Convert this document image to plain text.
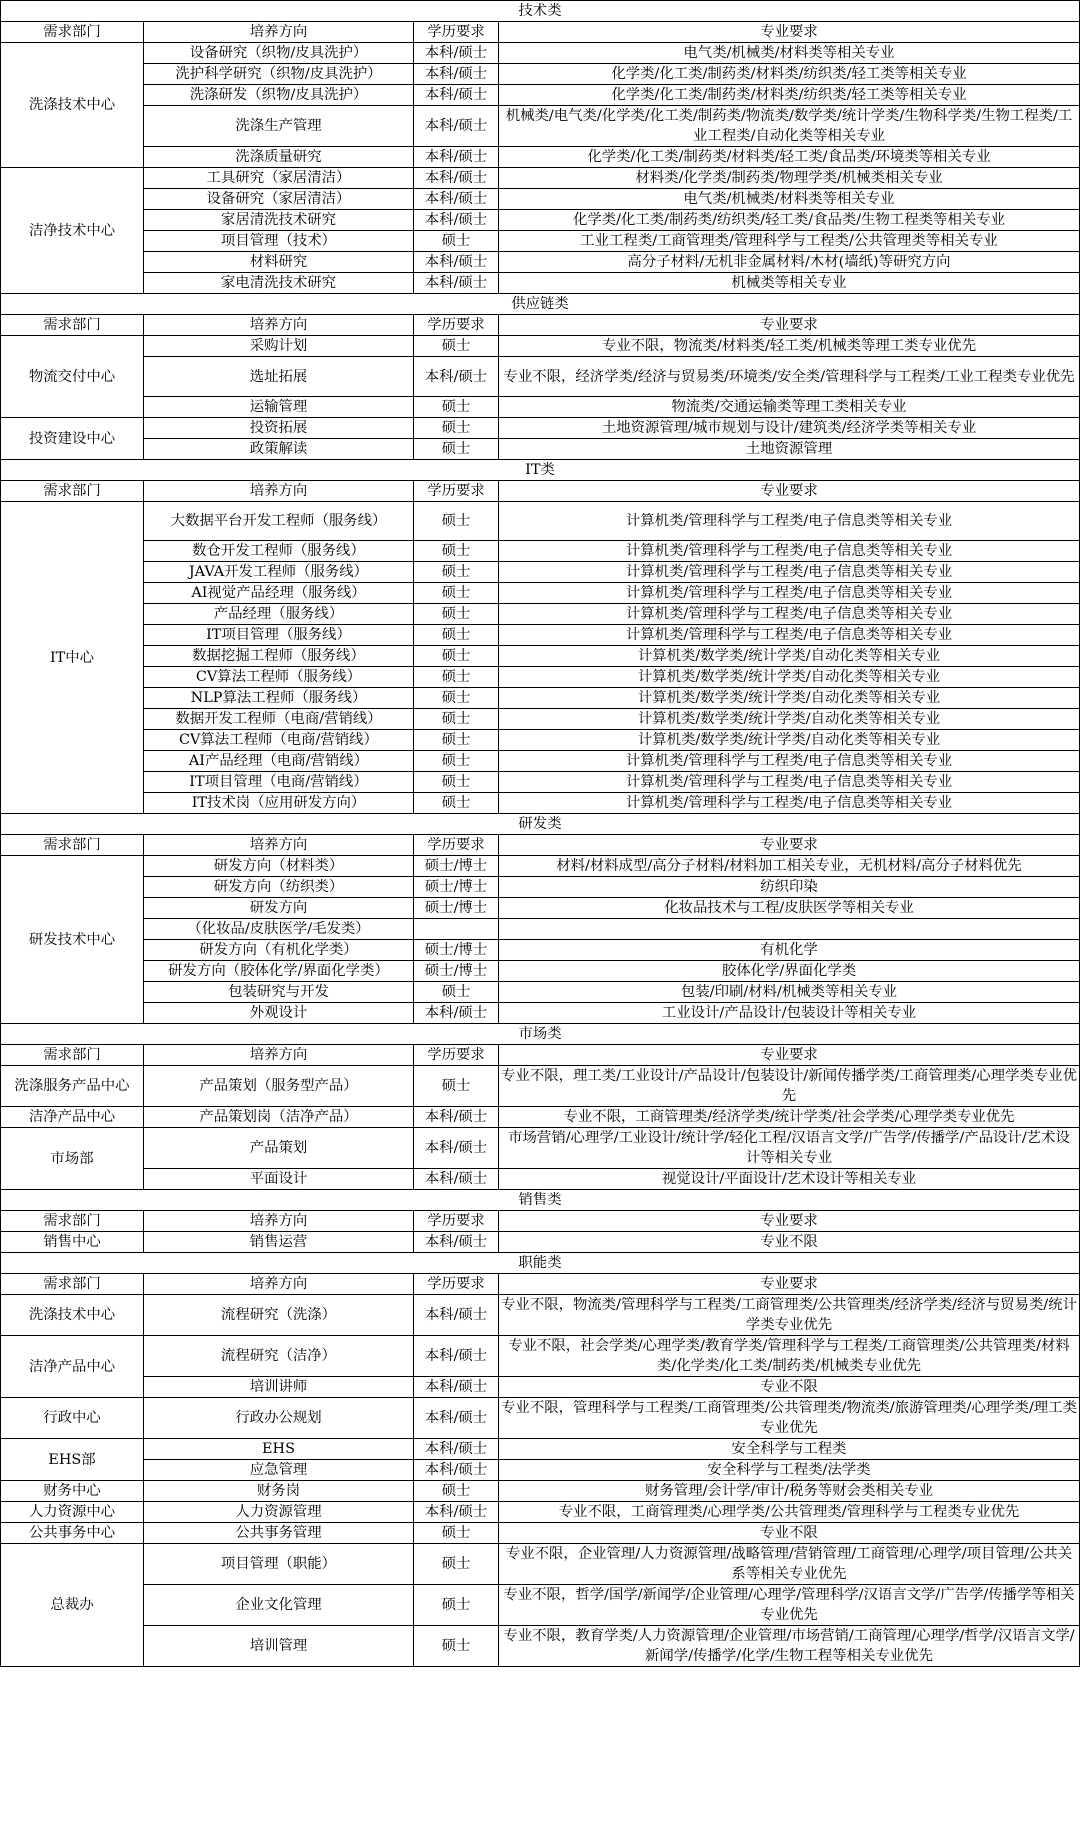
技术类			
需求部门	培养方向	学历要求	专业要求
洗涤技术中心	设备研究（织物/皮具洗护）	本科/硕士	电气类/机械类/材料类等相关专业
	洗护科学研究（织物/皮具洗护）	本科/硕士	化学类/化工类/制药类/材料类/纺织类/轻工类等相关专业
	洗涤研发（织物/皮具洗护）	本科/硕士	化学类/化工类/制药类/材料类/纺织类/轻工类等相关专业
	洗涤生产管理	本科/硕士	机械类/电气类/化学类/化工类/制药类/物流类/数学类/统计学类/生物科学类/生物工程类/工业工程类/自动化类等相关专业
	洗涤质量研究	本科/硕士	化学类/化工类/制药类/材料类/轻工类/食品类/环境类等相关专业
洁净技术中心	工具研究（家居清洁）	本科/硕士	材料类/化学类/制药类/物理学类/机械类相关专业
	设备研究（家居清洁）	本科/硕士	电气类/机械类/材料类等相关专业
	家居清洗技术研究	本科/硕士	化学类/化工类/制药类/纺织类/轻工类/食品类/生物工程类等相关专业
	项目管理（技术）	硕士	工业工程类/工商管理类/管理科学与工程类/公共管理类等相关专业
	材料研究	本科/硕士	高分子材料/无机非金属材料/木材(墙纸)等研究方向
	家电清洗技术研究	本科/硕士	机械类等相关专业
供应链类			
需求部门	培养方向	学历要求	专业要求
物流交付中心	采购计划	硕士	专业不限，物流类/材料类/轻工类/机械类等理工类专业优先
	选址拓展	本科/硕士	专业不限，经济学类/经济与贸易类/环境类/安全类/管理科学与工程类/工业工程类专业优先
	运输管理	硕士	物流类/交通运输类等理工类相关专业
投资建设中心	投资拓展	硕士	土地资源管理/城市规划与设计/建筑类/经济学类等相关专业
	政策解读	硕士	土地资源管理
IT类			
需求部门	培养方向	学历要求	专业要求
IT中心	大数据平台开发工程师（服务线）	硕士	计算机类/管理科学与工程类/电子信息类等相关专业
	数仓开发工程师（服务线）	硕士	计算机类/管理科学与工程类/电子信息类等相关专业
	JAVA开发工程师（服务线）	硕士	计算机类/管理科学与工程类/电子信息类等相关专业
	AI视觉产品经理（服务线）	硕士	计算机类/管理科学与工程类/电子信息类等相关专业
	产品经理（服务线）	硕士	计算机类/管理科学与工程类/电子信息类等相关专业
	IT项目管理（服务线）	硕士	计算机类/管理科学与工程类/电子信息类等相关专业
	数据挖掘工程师（服务线）	硕士	计算机类/数学类/统计学类/自动化类等相关专业
	CV算法工程师（服务线）	硕士	计算机类/数学类/统计学类/自动化类等相关专业
	NLP算法工程师（服务线）	硕士	计算机类/数学类/统计学类/自动化类等相关专业
	数据开发工程师（电商/营销线）	硕士	计算机类/数学类/统计学类/自动化类等相关专业
	CV算法工程师（电商/营销线）	硕士	计算机类/数学类/统计学类/自动化类等相关专业
	AI产品经理（电商/营销线）	硕士	计算机类/管理科学与工程类/电子信息类等相关专业
	IT项目管理（电商/营销线）	硕士	计算机类/管理科学与工程类/电子信息类等相关专业
	IT技术岗（应用研发方向）	硕士	计算机类/管理科学与工程类/电子信息类等相关专业
研发类			
需求部门	培养方向	学历要求	专业要求
研发技术中心	研发方向（材料类）	硕士/博士	材料/材料成型/高分子材料/材料加工相关专业，无机材料/高分子材料优先
	研发方向（纺织类）	硕士/博士	纺织印染
	研发方向	硕士/博士	化妆品技术与工程/皮肤医学等相关专业
	（化妆品/皮肤医学/毛发类）		
	研发方向（有机化学类）	硕士/博士	有机化学
	研发方向（胶体化学/界面化学类）	硕士/博士	胶体化学/界面化学类
	包装研究与开发	硕士	包装/印刷/材料/机械类等相关专业
	外观设计	本科/硕士	工业设计/产品设计/包装设计等相关专业
市场类			
需求部门	培养方向	学历要求	专业要求
洗涤服务产品中心	产品策划（服务型产品）	硕士	专业不限，理工类/工业设计/产品设计/包装设计/新闻传播学类/工商管理类/心理学类专业优先
洁净产品中心	产品策划岗（洁净产品）	本科/硕士	专业不限，工商管理类/经济学类/统计学类/社会学类/心理学类专业优先
市场部	产品策划	本科/硕士	市场营销/心理学/工业设计/统计学/轻化工程/汉语言文学/广告学/传播学/产品设计/艺术设计等相关专业
	平面设计	本科/硕士	视觉设计/平面设计/艺术设计等相关专业
销售类			
需求部门	培养方向	学历要求	专业要求
销售中心	销售运营	本科/硕士	专业不限
职能类			
需求部门	培养方向	学历要求	专业要求
洗涤技术中心	流程研究（洗涤）	本科/硕士	专业不限，物流类/管理科学与工程类/工商管理类/公共管理类/经济学类/经济与贸易类/统计学类专业优先
洁净产品中心	流程研究（洁净）	本科/硕士	专业不限，社会学类/心理学类/教育学类/管理科学与工程类/工商管理类/公共管理类/材料类/化学类/化工类/制药类/机械类专业优先
	培训讲师	本科/硕士	专业不限
行政中心	行政办公规划	本科/硕士	专业不限，管理科学与工程类/工商管理类/公共管理类/物流类/旅游管理类/心理学类/理工类专业优先
EHS部	EHS	本科/硕士	安全科学与工程类
	应急管理	本科/硕士	安全科学与工程类/法学类
财务中心	财务岗	硕士	财务管理/会计学/审计/税务等财会类相关专业
人力资源中心	人力资源管理	本科/硕士	专业不限，工商管理类/心理学类/公共管理类/管理科学与工程类专业优先
公共事务中心	公共事务管理	硕士	专业不限
总裁办	项目管理（职能）	硕士	专业不限，企业管理/人力资源管理/战略管理/营销管理/工商管理/心理学/项目管理/公共关系等相关专业优先
	企业文化管理	硕士	专业不限，哲学/国学/新闻学/企业管理/心理学/管理科学/汉语言文学/广告学/传播学等相关专业优先
	培训管理	硕士	专业不限，教育学类/人力资源管理/企业管理/市场营销/工商管理/心理学/哲学/汉语言文学/新闻学/传播学/化学/生物工程等相关专业优先
